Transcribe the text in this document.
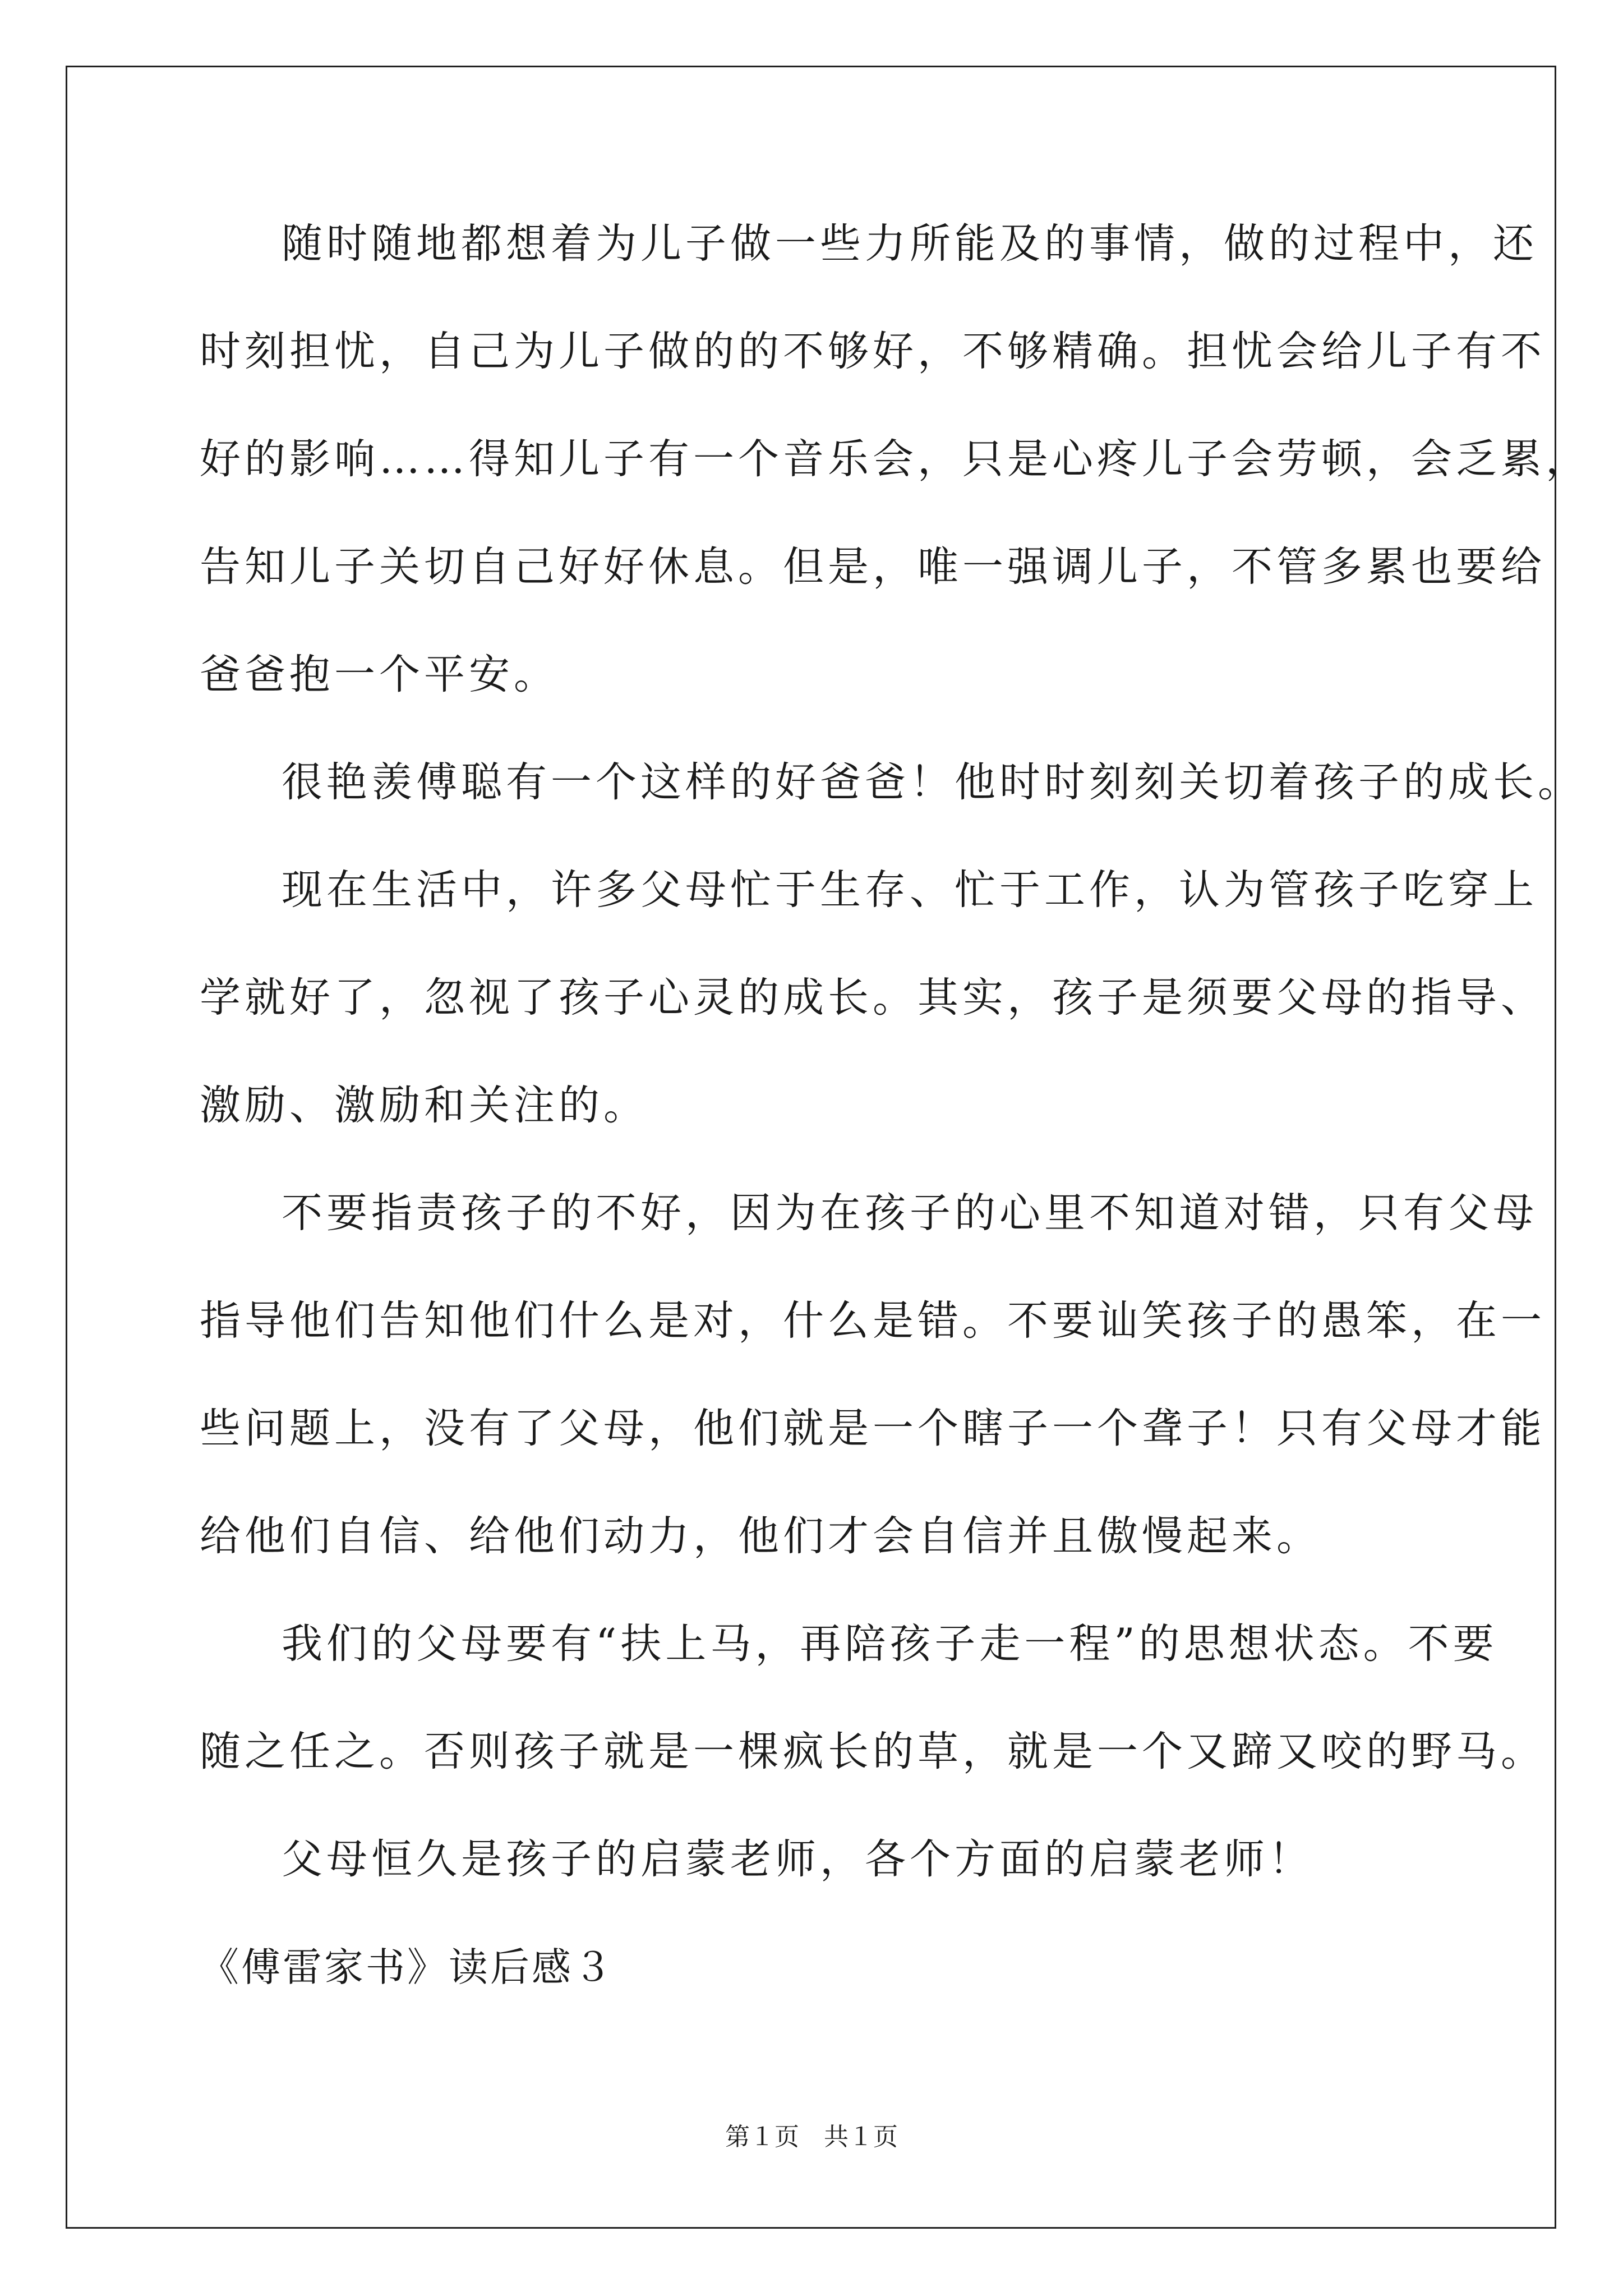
随时随地都想着为儿子做一些力所能及的事情，做的过程中，还
时刻担忧，自己为儿子做的的不够好，不够精确。担忧会给儿子有不
好的影响……得知儿子有一个音乐会，只是心疼儿子会劳顿，会乏累，
告知儿子关切自己好好休息。但是，唯一强调儿子，不管多累也要给
爸爸抱一个平安。
很艳羡傅聪有一个这样的好爸爸！他时时刻刻关切着孩子的成长。
现在生活中，许多父母忙于生存、忙于工作，认为管孩子吃穿上
学就好了，忽视了孩子心灵的成长。其实，孩子是须要父母的指导、
激励、激励和关注的。
不要指责孩子的不好，因为在孩子的心里不知道对错，只有父母
指导他们告知他们什么是对，什么是错。不要讪笑孩子的愚笨，在一
些问题上，没有了父母，他们就是一个瞎子一个聋子！只有父母才能
给他们自信、给他们动力，他们才会自信并且傲慢起来。
我们的父母要有“扶上马，再陪孩子走一程”的思想状态。不要
随之任之。否则孩子就是一棵疯长的草，就是一个又蹄又咬的野马。
父母恒久是孩子的启蒙老师，各个方面的启蒙老师！
《傅雷家书》读后感３
第１页　共１页
